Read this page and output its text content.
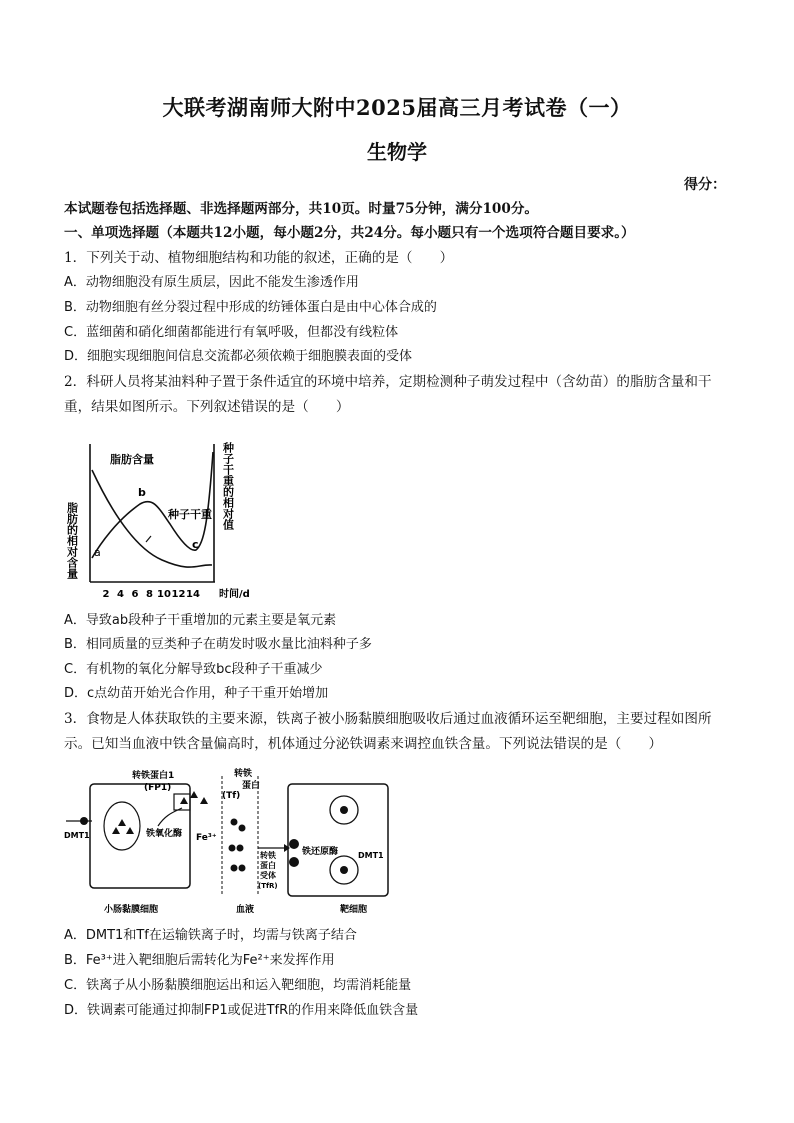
大联考湖南师大附中2025届高三月考试卷（一）
生物学
得分：
本试题卷包括选择题、非选择题两部分，共10页。时量75分钟，满分100分。
一、单项选择题（本题共12小题，每小题2分，共24分。每小题只有一个选项符合题目要求。）
1．下列关于动、植物细胞结构和功能的叙述，正确的是（　　）
A．动物细胞没有原生质层，因此不能发生渗透作用
B．动物细胞有丝分裂过程中形成的纺锤体蛋白是由中心体合成的
C．蓝细菌和硝化细菌都能进行有氧呼吸，但都没有线粒体
D．细胞实现细胞间信息交流都必须依赖于细胞膜表面的受体
2．科研人员将某油料种子置于条件适宜的环境中培养，定期检测种子萌发过程中（含幼苗）的脂肪含量和干
重，结果如图所示。下列叙述错误的是（　　）
脂肪含量
种子干重
a
b
c
脂肪的相对含量
种子干重的相对值
2 4 6 8 10 12 14 时间/d
A．导致ab段种子干重增加的元素主要是氧元素
B．相同质量的豆类种子在萌发时吸水量比油料种子多
C．有机物的氧化分解导致bc段种子干重减少
D．c点幼苗开始光合作用，种子干重开始增加
3．食物是人体获取铁的主要来源，铁离子被小肠黏膜细胞吸收后通过血液循环运至靶细胞，主要过程如图所
示。已知当血液中铁含量偏高时，机体通过分泌铁调素来调控血铁含量。下列说法错误的是（　　）
转铁蛋白1
(FP1)
DMT1	铁氧化酶 Fe³⁺
转铁
蛋白
(Tf)
铁还原酶 DMT1
转铁
蛋白
受体
(TfR)
小肠黏膜细胞	血液	靶细胞
A．DMT1和Tf在运输铁离子时，均需与铁离子结合
B．Fe³⁺进入靶细胞后需转化为Fe²⁺来发挥作用
C．铁离子从小肠黏膜细胞运出和运入靶细胞，均需消耗能量
D．铁调素可能通过抑制FP1或促进TfR的作用来降低血铁含量
